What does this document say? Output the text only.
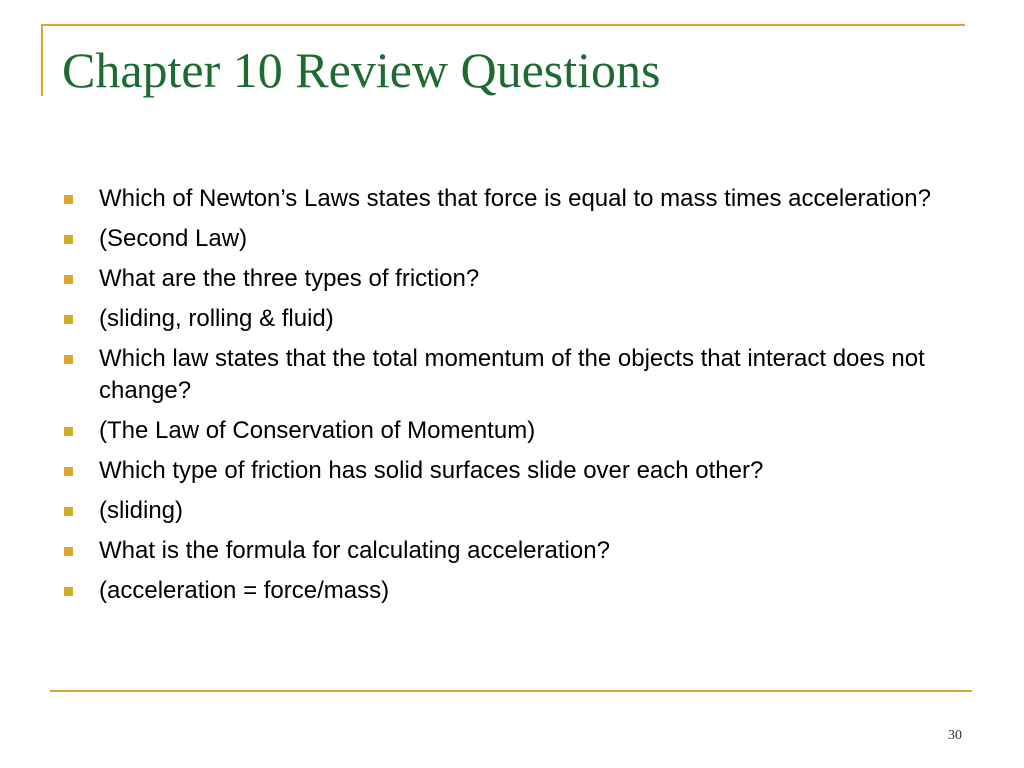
Chapter 10 Review Questions
Which of Newton’s Laws states that force is equal to mass times acceleration?
(Second Law)
What are the three types of friction?
(sliding, rolling & fluid)
Which law states that the total momentum of the objects that interact does not change?
(The Law of Conservation of Momentum)
Which type of friction has solid surfaces slide over each other?
(sliding)
What is the formula for calculating acceleration?
(acceleration = force/mass)
30
